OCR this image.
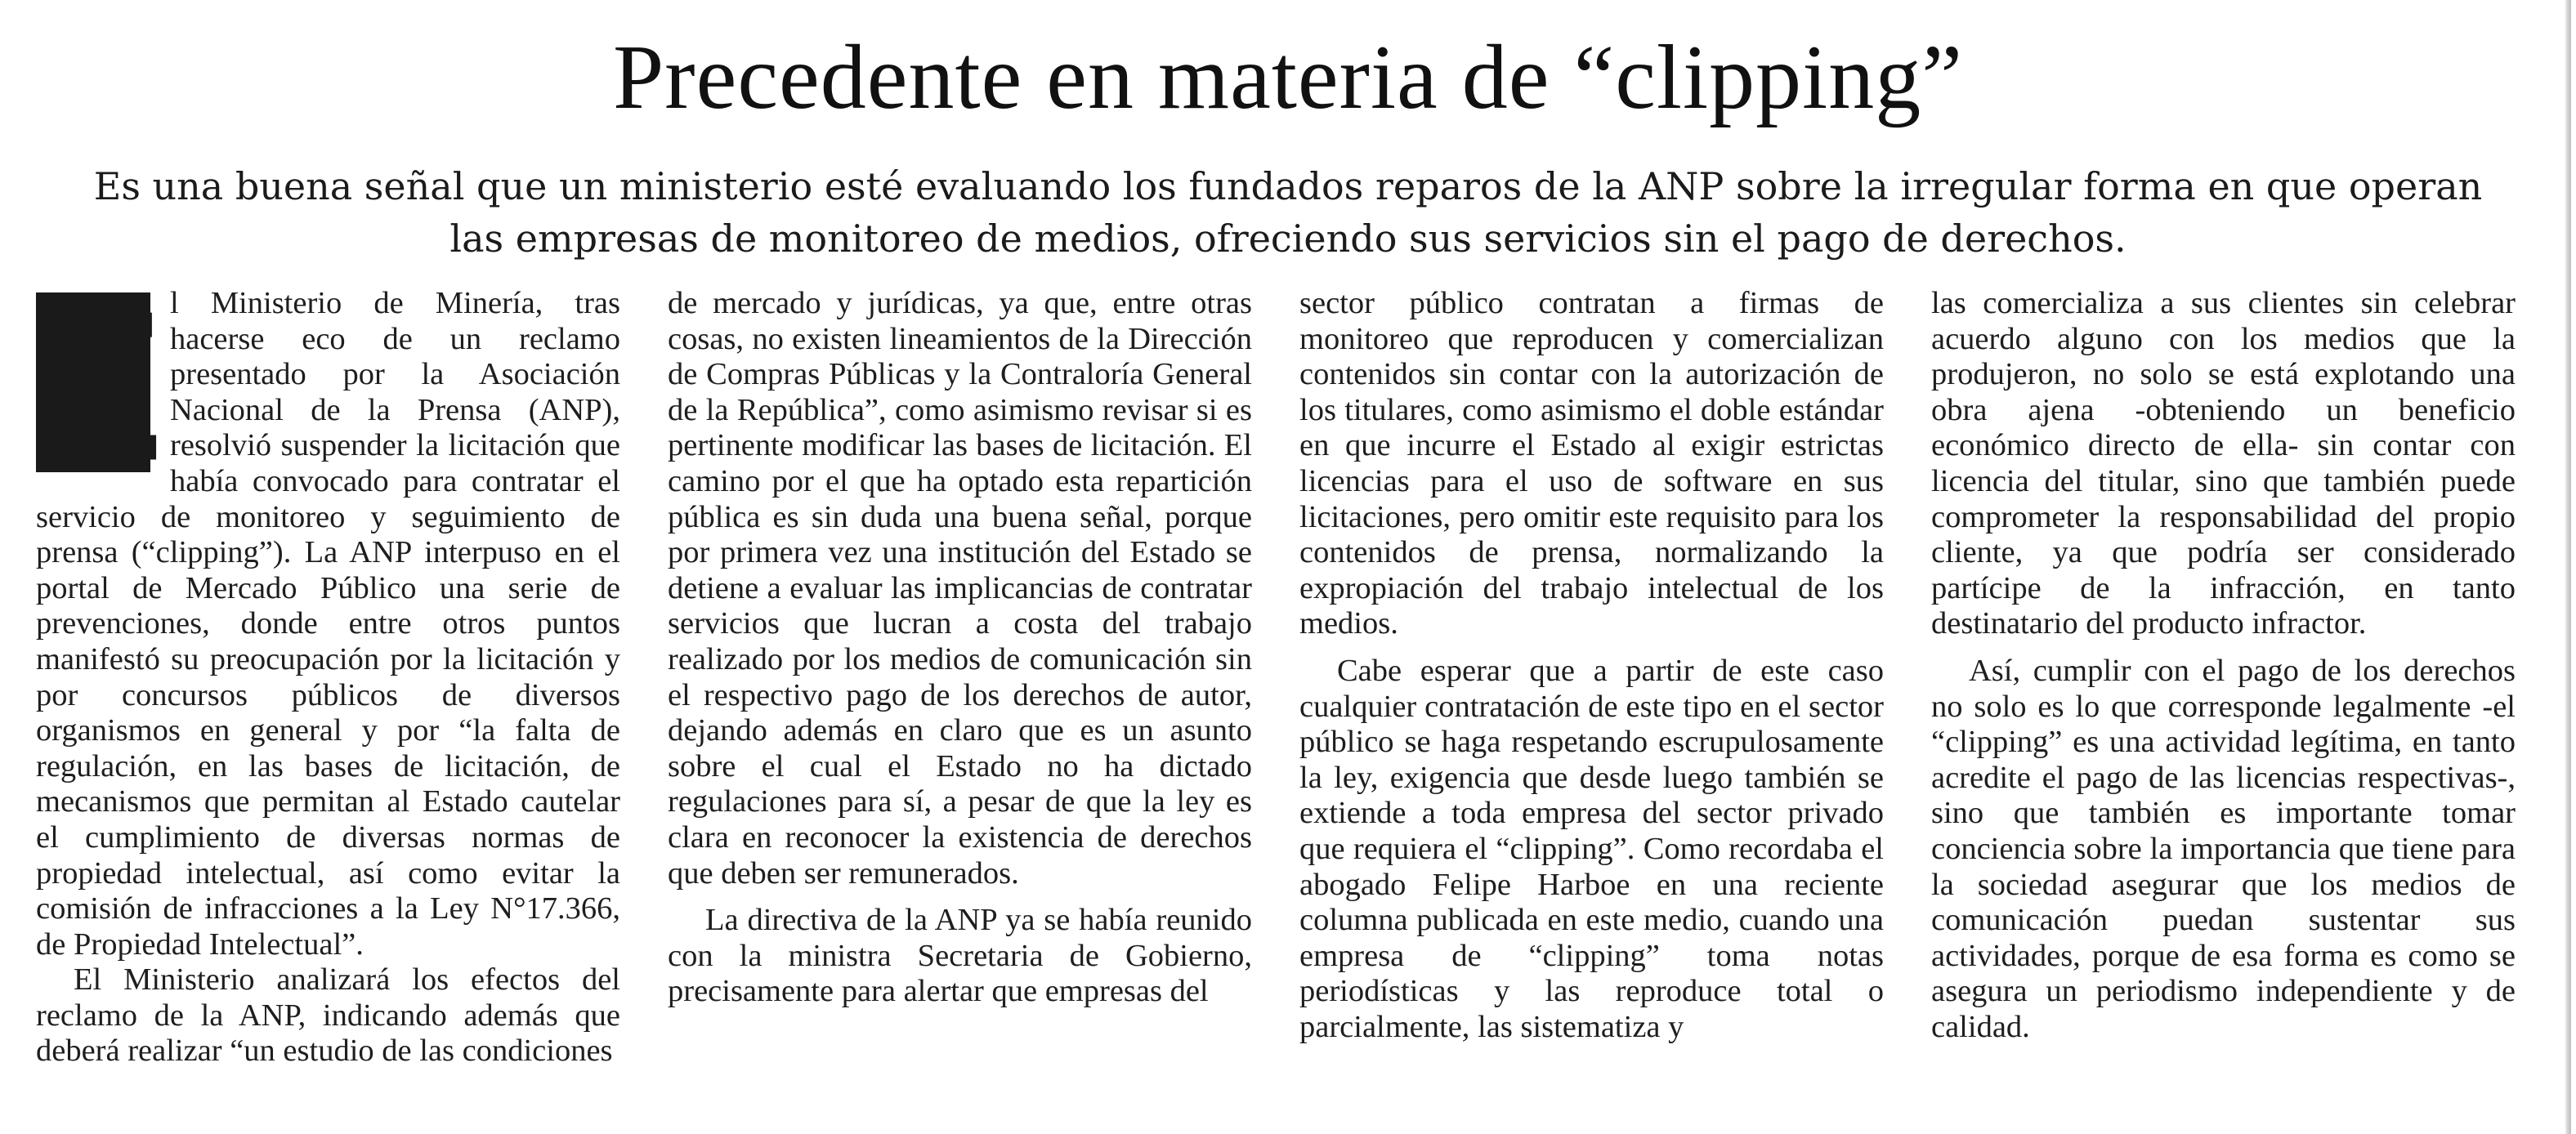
Precedente en materia de “clipping”
Es una buena señal que un ministerio esté evaluando los fundados reparos de la ANP sobre la irregular forma en que operan
las empresas de monitoreo de medios, ofreciendo sus servicios sin el pago de derechos.
E l Ministerio de Minería, tras hacerse eco de un reclamo presentado por la Asociación Nacional de la Prensa (ANP), resolvió suspender la licitación que había convocado para contratar el servicio de monitoreo y seguimiento de prensa (“clipping”). La ANP interpuso en el portal de Mercado Público una serie de prevenciones, donde entre otros puntos manifestó su preocupación por la licitación y por concursos públicos de diversos organismos en general y por “la falta de regulación, en las bases de licitación, de mecanismos que permitan al Estado cautelar el cumplimiento de diversas normas de propiedad intelectual, así como evitar la comisión de infracciones a la Ley N°17.366, de Propiedad Intelectual”.

El Ministerio analizará los efectos del reclamo de la ANP, indicando además que deberá realizar “un estudio de las condiciones

de mercado y jurídicas, ya que, entre otras cosas, no existen lineamientos de la Dirección de Compras Públicas y la Contraloría General de la República”, como asimismo revisar si es pertinente modificar las bases de licitación. El camino por el que ha optado esta repartición pública es sin duda una buena señal, porque por primera vez una institución del Estado se detiene a evaluar las implicancias de contratar servicios que lucran a costa del trabajo realizado por los medios de comunicación sin el respectivo pago de los derechos de autor, dejando además en claro que es un asunto sobre el cual el Estado no ha dictado regulaciones para sí, a pesar de que la ley es clara en reconocer la existencia de derechos que deben ser remunerados.

La directiva de la ANP ya se había reunido con la ministra Secretaria de Gobierno, precisamente para alertar que empresas del

sector público contratan a firmas de monitoreo que reproducen y comercializan contenidos sin contar con la autorización de los titulares, como asimismo el doble estándar en que incurre el Estado al exigir estrictas licencias para el uso de software en sus licitaciones, pero omitir este requisito para los contenidos de prensa, normalizando la expropiación del trabajo intelectual de los medios.

Cabe esperar que a partir de este caso cualquier contratación de este tipo en el sector público se haga respetando escrupulosamente la ley, exigencia que desde luego también se extiende a toda empresa del sector privado que requiera el “clipping”. Como recordaba el abogado Felipe Harboe en una reciente columna publicada en este medio, cuando una empresa de “clipping” toma notas periodísticas y las reproduce total o parcialmente, las sistematiza y

las comercializa a sus clientes sin celebrar acuerdo alguno con los medios que la produjeron, no solo se está explotando una obra ajena -obteniendo un beneficio económico directo de ella- sin contar con licencia del titular, sino que también puede comprometer la responsabilidad del propio cliente, ya que podría ser considerado partícipe de la infracción, en tanto destinatario del producto infractor.

Así, cumplir con el pago de los derechos no solo es lo que corresponde legalmente -el “clipping” es una actividad legítima, en tanto acredite el pago de las licencias respectivas-, sino que también es importante tomar conciencia sobre la importancia que tiene para la sociedad asegurar que los medios de comunicación puedan sustentar sus actividades, porque de esa forma es como se asegura un periodismo independiente y de calidad.
